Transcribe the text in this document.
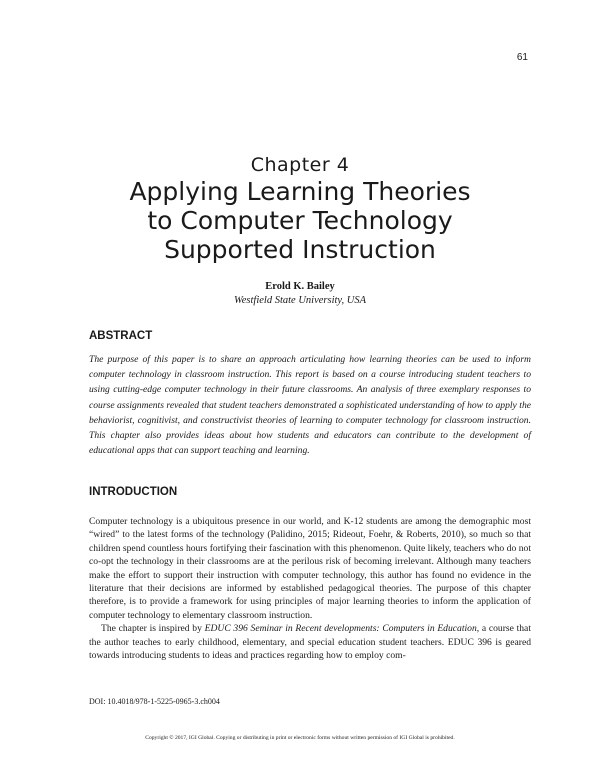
61
Chapter 4
Applying Learning Theories
to Computer Technology
Supported Instruction
Erold K. Bailey
Westfield State University, USA
ABSTRACT
The purpose of this paper is to share an approach articulating how learning theories can be used to inform computer technology in classroom instruction. This report is based on a course introducing student teachers to using cutting-edge computer technology in their future classrooms. An analysis of three exemplary responses to course assignments revealed that student teachers demonstrated a sophisticated understanding of how to apply the behaviorist, cognitivist, and constructivist theories of learning to computer technology for classroom instruction. This chapter also provides ideas about how students and educators can contribute to the development of educational apps that can support teaching and learning.
INTRODUCTION

Computer technology is a ubiquitous presence in our world, and K-12 students are among the demographic most “wired” to the latest forms of the technology (Palidino, 2015; Rideout, Foehr, & Roberts, 2010), so much so that children spend countless hours fortifying their fascination with this phenomenon. Quite likely, teachers who do not co-opt the technology in their classrooms are at the perilous risk of becoming irrelevant. Although many teachers make the effort to support their instruction with computer technology, this author has found no evidence in the literature that their decisions are informed by established pedagogical theories. The purpose of this chapter therefore, is to provide a framework for using principles of major learning theories to inform the application of computer technology to elementary classroom instruction.

The chapter is inspired by EDUC 396 Seminar in Recent developments: Computers in Education, a course that the author teaches to early childhood, elementary, and special education student teachers. EDUC 396 is geared towards introducing students to ideas and practices regarding how to employ com-

DOI: 10.4018/978-1-5225-0965-3.ch004
Copyright © 2017, IGI Global. Copying or distributing in print or electronic forms without written permission of IGI Global is prohibited.
